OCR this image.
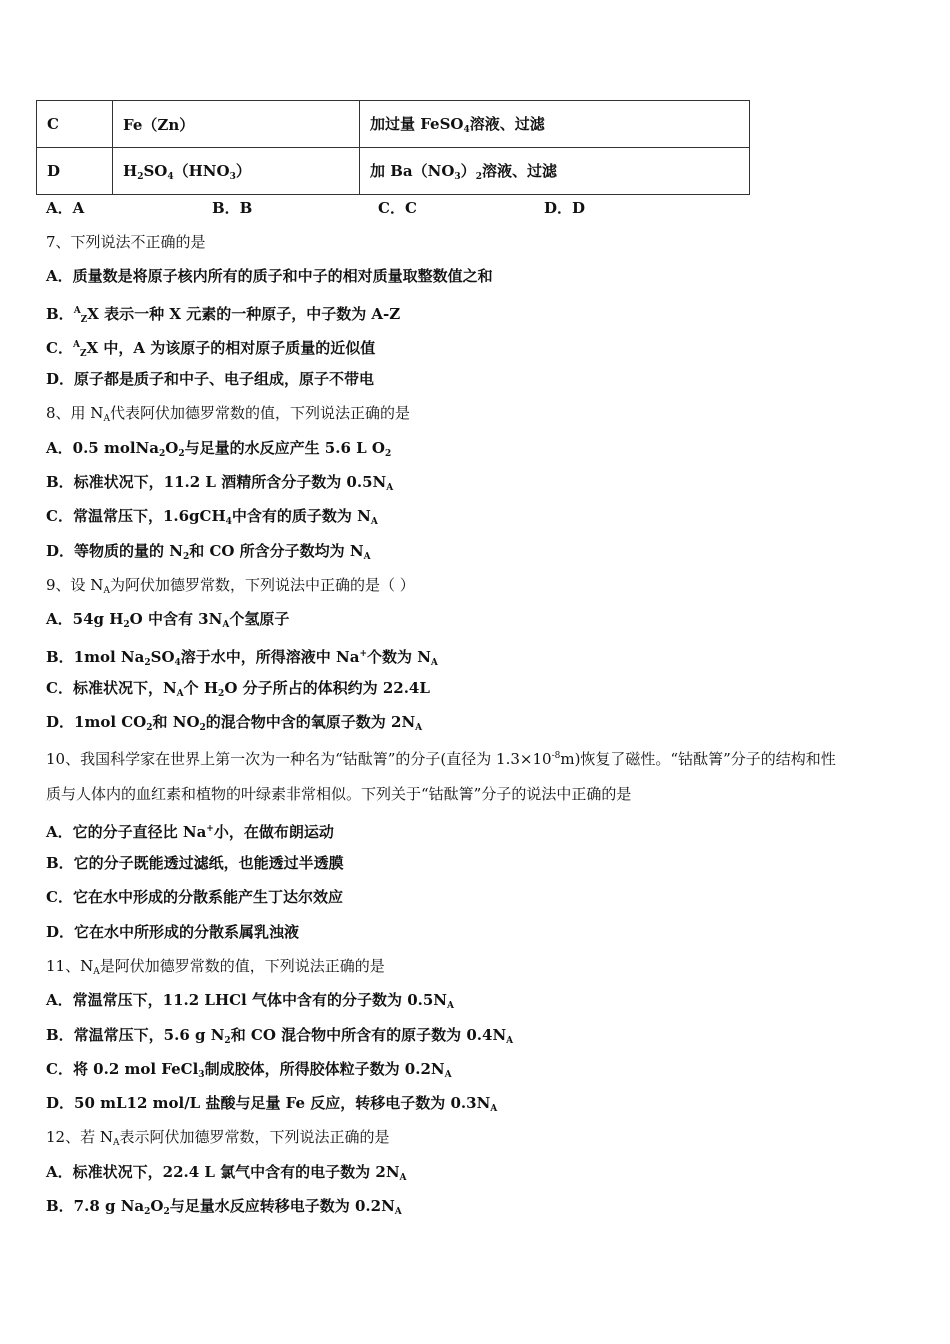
C	Fe（Zn）	加过量 FeSO$_4$溶液、过滤
D	$H_2SO_4(HNO_3)$	加 $Ba(NO_3)_2$溶液、过滤
A．A	B．B	C．C	D．D
7、下列说法不正确的是
A．质量数是将原子核内所有的质子和中子的相对质量取整数值之和
B．$^A_Z$X 表示一种 X 元素的一种原子，中子数为 A-Z
C．$^A_Z$X 中，A 为该原子的相对原子质量的近似值
D．原子都是质子和中子、电子组成，原子不带电
8、用 $N_A$代表阿伏加德罗常数的值，下列说法正确的是
A．0.5 $molNa_2O_2$与足量的水反应产生 5.6 L $O_2$
B．标准状况下，11.2 L 酒精所含分子数为 $0.5N_A$
C．常温常压下，1.6gCH$_4$中含有的质子数为 $N_A$
D．等物质的量的 $N_2$和 CO 所含分子数均为 $N_A$
9、设 $N_A$为阿伏加德罗常数，下列说法中正确的是（ ）
A．54g $H_2O$ 中含有 $3N_A$个氢原子
B．1mol $Na_2SO_4$溶于水中，所得溶液中 Na+个数为 $N_A$
C．标准状况下，$N_A$个 $H_2O$ 分子所占的体积约为 22.4L
D．1mol $CO_2$和 $NO_2$的混合物中含的氧原子数为 $2N_A$
10、我国科学家在世界上第一次为一种名为“钴酞箐”的分子(直径为 $1.3\times 10^{-8}m$)恢复了磁性。“钴酞箐”分子的结构和性
质与人体内的血红素和植物的叶绿素非常相似。下列关于“钴酞箐”分子的说法中正确的是
A．它的分子直径比 Na+小，在做布朗运动
B．它的分子既能透过滤纸，也能透过半透膜
C．它在水中形成的分散系能产生丁达尔效应
D．它在水中所形成的分散系属乳浊液
11、$N_A$是阿伏加德罗常数的值，下列说法正确的是
A．常温常压下，11.2 LHCl 气体中含有的分子数为 $0.5N_A$
B．常温常压下，5.6 g $N_2$和 CO 混合物中所含有的原子数为 $0.4N_A$
C．将 0.2 mol FeCl$_3$制成胶体，所得胶体粒子数为 $0.2N_A$
D．50 mL12 mol/L 盐酸与足量 Fe 反应，转移电子数为 $0.3N_A$
12、若 $N_A$表示阿伏加德罗常数，下列说法正确的是
A．标准状况下，22.4 L 氯气中含有的电子数为 $2N_A$
B．7.8 g $Na_2O_2$与足量水反应转移电子数为 $0.2N_A$
